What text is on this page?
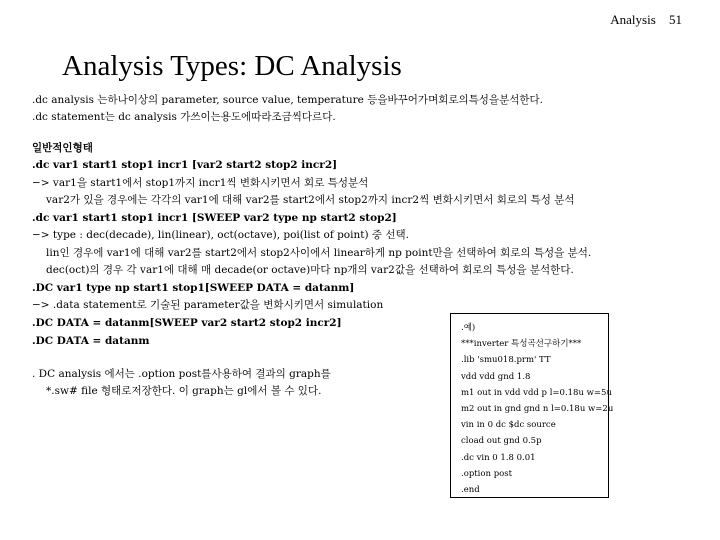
Analysis 51
Analysis Types: DC Analysis
.dc analysis 는하나이상의 parameter, source value, temperature 등을바꾸어가며회로의특성을분석한다.
.dc statement는 dc analysis 가쓰이는용도에따라조금씩다르다.
일반적인형태
.dc var1 start1 stop1 incr1 [var2 start2 stop2 incr2]
−> var1을 start1에서 stop1까지 incr1씩 변화시키면서 회로 특성분석
var2가 있을 경우에는 각각의 var1에 대해 var2를 start2에서 stop2까지 incr2씩 변화시키면서 회로의 특성 분석
.dc var1 start1 stop1 incr1 [SWEEP var2 type np start2 stop2]
−> type : dec(decade), lin(linear), oct(octave), poi(list of point) 중 선택.
lin인 경우에 var1에 대해 var2를 start2에서 stop2사이에서 linear하게 np point만을 선택하여 회로의 특성을 분석.
dec(oct)의 경우 각 var1에 대해 매 decade(or octave)마다 np개의 var2값을 선택하여 회로의 특성을 분석한다.
.DC var1 type np start1 stop1[SWEEP DATA = datanm]
−> .data statement로 기술된 parameter값을 변화시키면서 simulation
.DC DATA = datanm[SWEEP var2 start2 stop2 incr2]
.DC DATA = datanm
. DC analysis 에서는 .option post를사용하여 결과의 graph를
*.sw# file 형태로저장한다. 이 graph는 gl에서 볼 수 있다.
.예)
***inverter 특성곡선구하기***
.lib 'smu018.prm' TT
vdd vdd gnd 1.8
m1 out in vdd vdd p l=0.18u w=5u
m2 out in gnd gnd n l=0.18u w=2u
vin in 0 dc $dc source
cload out gnd 0.5p
.dc vin 0 1.8 0.01
.option post
.end
